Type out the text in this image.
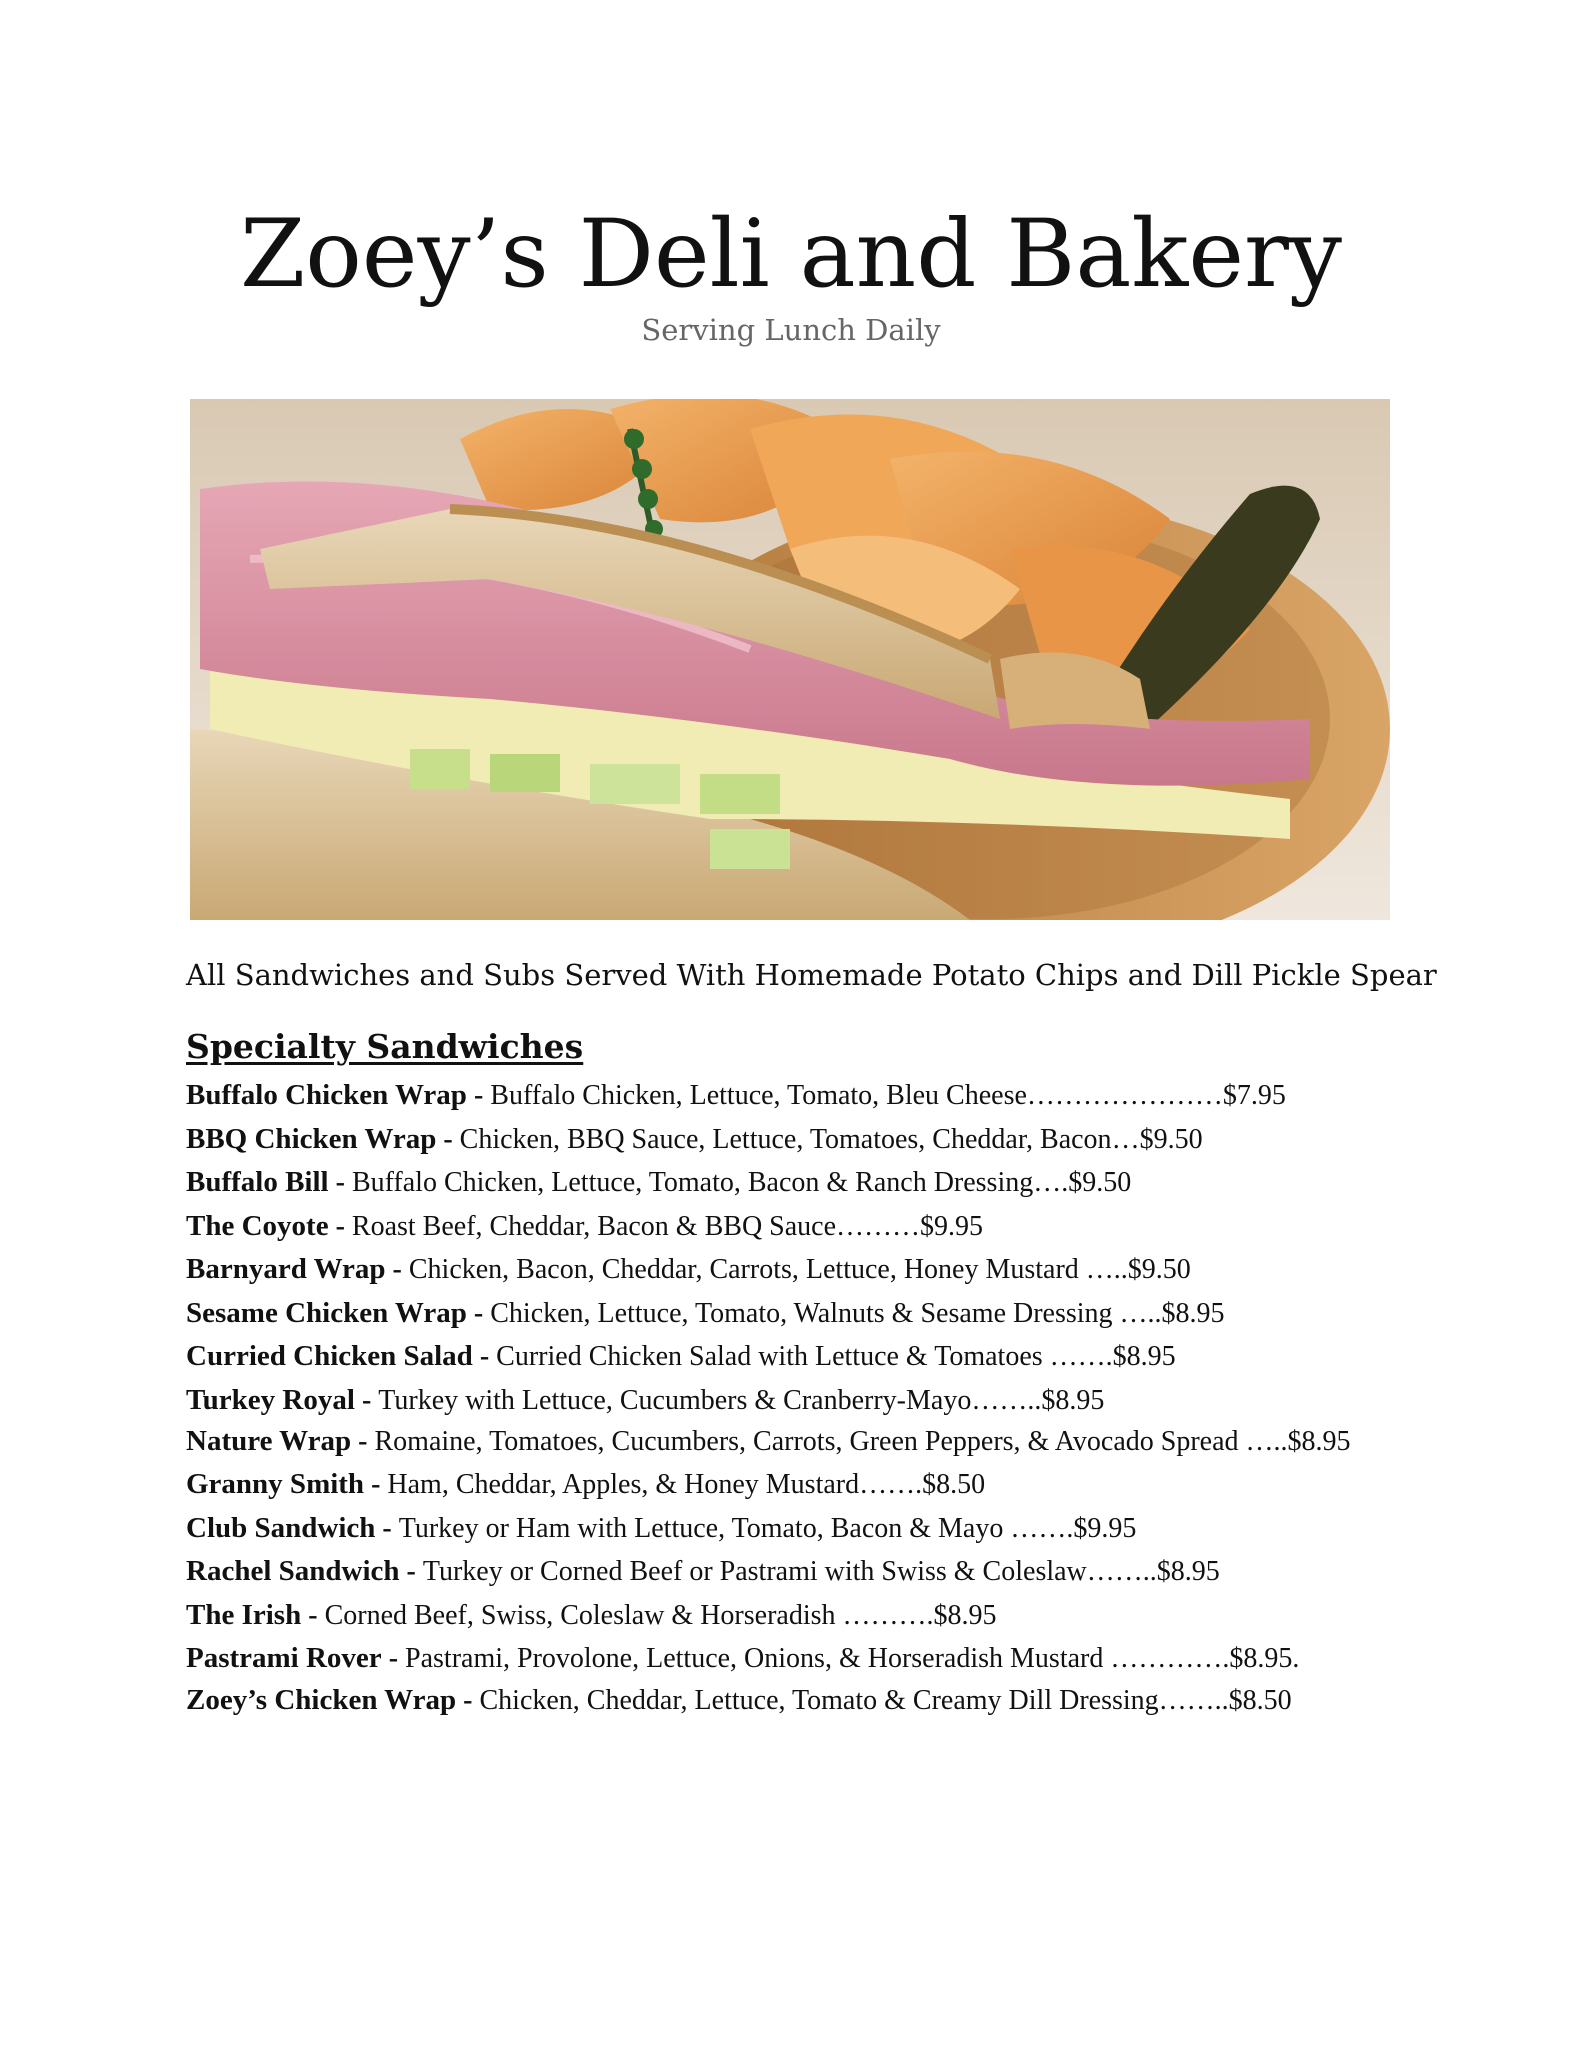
Zoey’s Deli and Bakery
Serving Lunch Daily
All Sandwiches and Subs Served With Homemade Potato Chips and Dill Pickle Spear
Specialty Sandwiches
Buffalo Chicken Wrap - Buffalo Chicken, Lettuce, Tomato, Bleu Cheese…………………$7.95
BBQ Chicken Wrap - Chicken, BBQ Sauce, Lettuce, Tomatoes, Cheddar, Bacon…$9.50
Buffalo Bill - Buffalo Chicken, Lettuce, Tomato, Bacon & Ranch Dressing….$9.50
The Coyote - Roast Beef, Cheddar, Bacon & BBQ Sauce………$9.95
Barnyard Wrap - Chicken, Bacon, Cheddar, Carrots, Lettuce, Honey Mustard …..$9.50
Sesame Chicken Wrap - Chicken, Lettuce, Tomato, Walnuts & Sesame Dressing …..$8.95
Curried Chicken Salad - Curried Chicken Salad with Lettuce & Tomatoes …….$8.95
Turkey Royal - Turkey with Lettuce, Cucumbers & Cranberry-Mayo……..$8.95
Nature Wrap - Romaine, Tomatoes, Cucumbers, Carrots, Green Peppers, & Avocado Spread …..$8.95
Granny Smith - Ham, Cheddar, Apples, & Honey Mustard…….$8.50
Club Sandwich - Turkey or Ham with Lettuce, Tomato, Bacon & Mayo …….$9.95
Rachel Sandwich - Turkey or Corned Beef or Pastrami with Swiss & Coleslaw……..$8.95
The Irish - Corned Beef, Swiss, Coleslaw & Horseradish ……….$8.95
Pastrami Rover - Pastrami, Provolone, Lettuce, Onions, & Horseradish Mustard ………….$8.95.
Zoey’s Chicken Wrap - Chicken, Cheddar, Lettuce, Tomato & Creamy Dill Dressing……..$8.50
